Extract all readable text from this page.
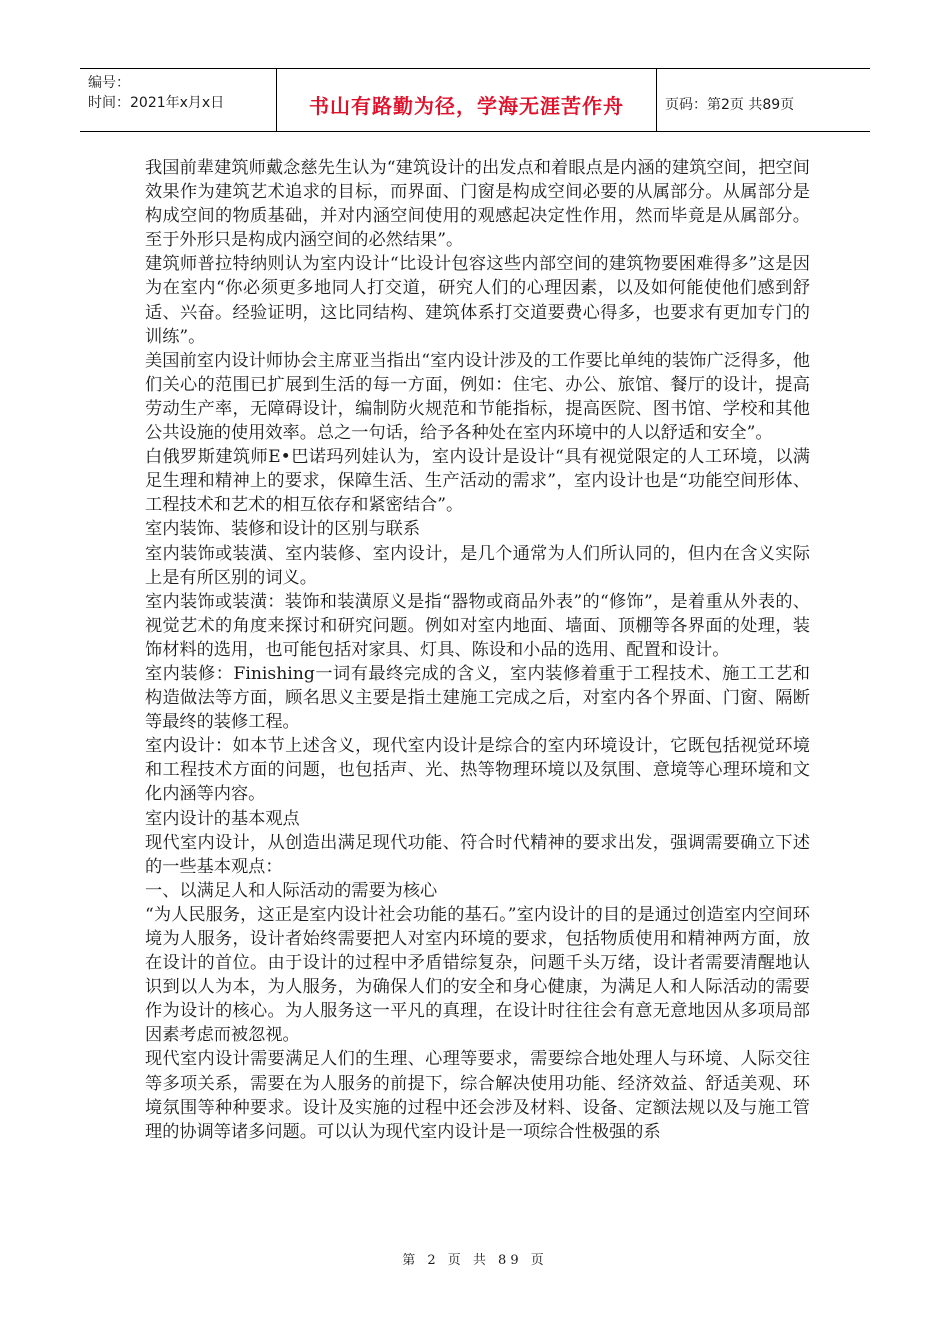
编号：
时间：2021年x月x日	书山有路勤为径，学海无涯苦作舟	页码：第2页 共89页

我国前辈建筑师戴念慈先生认为“建筑设计的出发点和着眼点是内涵的建筑空间，把空间效果作为建筑艺术追求的目标，而界面、门窗是构成空间必要的从属部分。从属部分是构成空间的物质基础，并对内涵空间使用的观感起决定性作用，然而毕竟是从属部分。至于外形只是构成内涵空间的必然结果”。

建筑师普拉特纳则认为室内设计“比设计包容这些内部空间的建筑物要困难得多”这是因为在室内“你必须更多地同人打交道，研究人们的心理因素，以及如何能使他们感到舒适、兴奋。经验证明，这比同结构、建筑体系打交道要费心得多，也要求有更加专门的训练”。

美国前室内设计师协会主席亚当指出“室内设计涉及的工作要比单纯的装饰广泛得多，他们关心的范围已扩展到生活的每一方面，例如：住宅、办公、旅馆、餐厅的设计，提高劳动生产率，无障碍设计，编制防火规范和节能指标，提高医院、图书馆、学校和其他公共设施的使用效率。总之一句话，给予各种处在室内环境中的人以舒适和安全”。

白俄罗斯建筑师E•巴诺玛列娃认为，室内设计是设计“具有视觉限定的人工环境，以满足生理和精神上的要求，保障生活、生产活动的需求”，室内设计也是“功能空间形体、工程技术和艺术的相互依存和紧密结合”。

室内装饰、装修和设计的区别与联系

室内装饰或装潢、室内装修、室内设计，是几个通常为人们所认同的，但内在含义实际上是有所区别的词义。

室内装饰或装潢：装饰和装潢原义是指“器物或商品外表”的“修饰”，是着重从外表的、视觉艺术的角度来探讨和研究问题。例如对室内地面、墙面、顶棚等各界面的处理，装饰材料的选用，也可能包括对家具、灯具、陈设和小品的选用、配置和设计。

室内装修：Finishing一词有最终完成的含义，室内装修着重于工程技术、施工工艺和构造做法等方面，顾名思义主要是指土建施工完成之后，对室内各个界面、门窗、隔断等最终的装修工程。

室内设计：如本节上述含义，现代室内设计是综合的室内环境设计，它既包括视觉环境和工程技术方面的问题，也包括声、光、热等物理环境以及氛围、意境等心理环境和文化内涵等内容。

室内设计的基本观点

现代室内设计，从创造出满足现代功能、符合时代精神的要求出发，强调需要确立下述的一些基本观点：

一、以满足人和人际活动的需要为核心

“为人民服务，这正是室内设计社会功能的基石。”室内设计的目的是通过创造室内空间环境为人服务，设计者始终需要把人对室内环境的要求，包括物质使用和精神两方面，放在设计的首位。由于设计的过程中矛盾错综复杂，问题千头万绪，设计者需要清醒地认识到以人为本，为人服务，为确保人们的安全和身心健康，为满足人和人际活动的需要作为设计的核心。为人服务这一平凡的真理，在设计时往往会有意无意地因从多项局部因素考虑而被忽视。

现代室内设计需要满足人们的生理、心理等要求，需要综合地处理人与环境、人际交往等多项关系，需要在为人服务的前提下，综合解决使用功能、经济效益、舒适美观、环境氛围等种种要求。设计及实施的过程中还会涉及材料、设备、定额法规以及与施工管理的协调等诸多问题。可以认为现代室内设计是一项综合性极强的系

第 2 页 共 89 页
